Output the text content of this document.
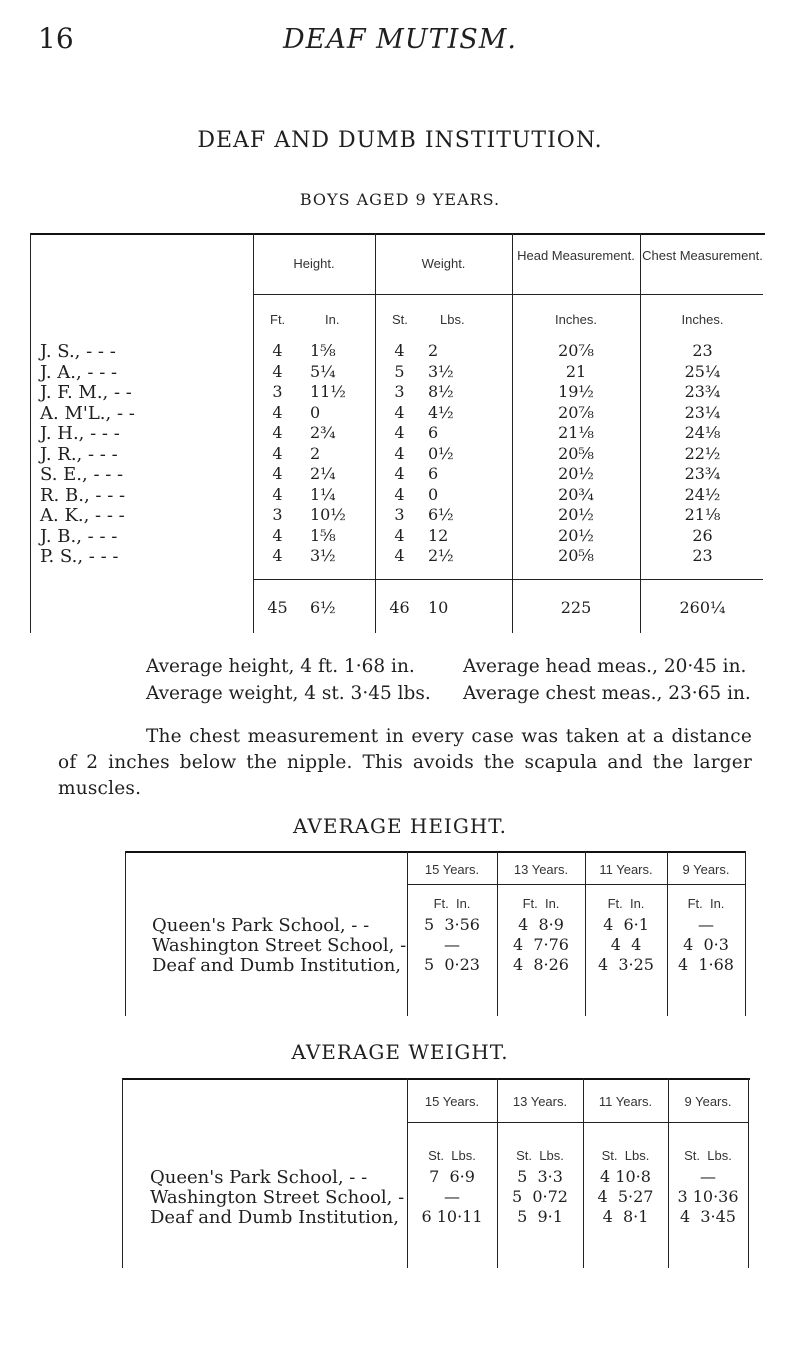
16	DEAF MUTISM.
DEAF AND DUMB INSTITUTION.
BOYS AGED 9 YEARS.
Height.	Weight.
Head Measurement. Chest Measurement.
Ft.	In.	St. Lbs.	Inches.	Inches.
J. S., - - -	4	1⅝	4	2	20⅞	23
J. A., - - -	4	5¼	5	3½	21	25¼
J. F. M., - -	3	11½	3	8½	19½	23¾
A. M'L., - -	4	0	4	4½	20⅞	23¼
J. H., - - -	4	2¾	4	6	21⅛	24⅛
J. R., - - -	4	2	4	0½	20⅝	22½
S. E., - - -	4	2¼	4	6	20½	23¾
R. B., - - -	4	1¼	4	0	20¾	24½
A. K., - - -	3	10½	3	6½	20½	21⅛
J. B., - - -	4	1⅝	4	12	20½	26
P. S., - - -	4	3½	4	2½	20⅝	23
45 6½	46 10	225	260¼
Average height, 4 ft. 1·68 in.	Average head meas., 20·45 in.
Average weight, 4 st. 3·45 lbs. Average chest meas., 23·65 in.
The chest measurement in every case was taken at a distance of 2 inches below the nipple. This avoids the scapula and the larger muscles.
AVERAGE HEIGHT.
15 Years.
Ft.  In.
13 Years.
Ft.  In.
11 Years.
Ft.  In.
9 Years.
Ft.  In.
Queen's Park School, - -	5  3·56	4  8·9	4  6·1	—
Washington Street School, -	—	4  7·76	4  4	4  0·3
Deaf and Dumb Institution,	5  0·23	4  8·26	4  3·25	4  1·68
AVERAGE WEIGHT.
15 Years.
St.  Lbs.
13 Years.
St.  Lbs.
11 Years.
St.  Lbs.
9 Years.
St.  Lbs.
Queen's Park School, - -	7  6·9	5  3·3	4 10·8	—
Washington Street School, -	—	5  0·72	4  5·27	3 10·36
Deaf and Dumb Institution,	6 10·11	5  9·1	4  8·1	4  3·45
